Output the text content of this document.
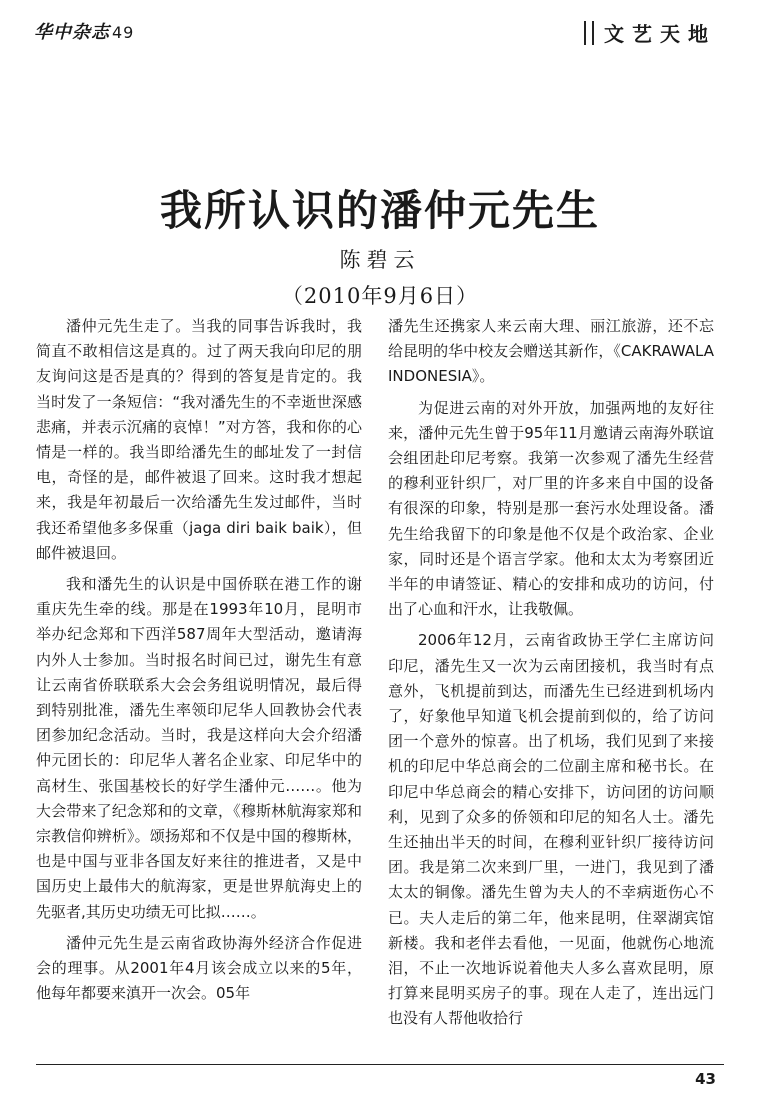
华中杂志 49	文艺天地
我所认识的潘仲元先生
陈碧云
（2010年9月6日）

潘仲元先生走了。当我的同事告诉我时，我简直不敢相信这是真的。过了两天我向印尼的朋友询问这是否是真的？得到的答复是肯定的。我当时发了一条短信：“我对潘先生的不幸逝世深感悲痛，并表示沉痛的哀悼！”对方答，我和你的心情是一样的。我当即给潘先生的邮址发了一封信电，奇怪的是，邮件被退了回来。这时我才想起来，我是年初最后一次给潘先生发过邮件，当时我还希望他多多保重（jaga diri baik baik），但邮件被退回。

我和潘先生的认识是中国侨联在港工作的谢重庆先生牵的线。那是在1993年10月，昆明市举办纪念郑和下西洋587周年大型活动，邀请海内外人士参加。当时报名时间已过，谢先生有意让云南省侨联联系大会会务组说明情况，最后得到特别批准，潘先生率领印尼华人回教协会代表团参加纪念活动。当时，我是这样向大会介绍潘仲元团长的：印尼华人著名企业家、印尼华中的高材生、张国基校长的好学生潘仲元……。他为大会带来了纪念郑和的文章，《穆斯林航海家郑和宗教信仰辨析》。颂扬郑和不仅是中国的穆斯林，也是中国与亚非各国友好来往的推进者，又是中国历史上最伟大的航海家，更是世界航海史上的先驱者,其历史功绩无可比拟……。

潘仲元先生是云南省政协海外经济合作促进会的理事。从2001年4月该会成立以来的5年，他每年都要来滇开一次会。05年

潘先生还携家人来云南大理、丽江旅游，还不忘给昆明的华中校友会赠送其新作，《CAKRAWALA INDONESIA》。

为促进云南的对外开放，加强两地的友好往来，潘仲元先生曾于95年11月邀请云南海外联谊会组团赴印尼考察。我第一次参观了潘先生经营的穆利亚针织厂，对厂里的许多来自中国的设备有很深的印象，特别是那一套污水处理设备。潘先生给我留下的印象是他不仅是个政治家、企业家，同时还是个语言学家。他和太太为考察团近半年的申请签证、精心的安排和成功的访问，付出了心血和汗水，让我敬佩。

2006年12月，云南省政协王学仁主席访问印尼，潘先生又一次为云南团接机，我当时有点意外，飞机提前到达，而潘先生已经进到机场内了，好象他早知道飞机会提前到似的，给了访问团一个意外的惊喜。出了机场，我们见到了来接机的印尼中华总商会的二位副主席和秘书长。在印尼中华总商会的精心安排下，访问团的访问顺利，见到了众多的侨领和印尼的知名人士。潘先生还抽出半天的时间，在穆利亚针织厂接待访问团。我是第二次来到厂里，一进门，我见到了潘太太的铜像。潘先生曾为夫人的不幸病逝伤心不已。夫人走后的第二年，他来昆明，住翠湖宾馆新楼。我和老伴去看他，一见面，他就伤心地流泪，不止一次地诉说着他夫人多么喜欢昆明，原打算来昆明买房子的事。现在人走了，连出远门也没有人帮他收拾行

43
